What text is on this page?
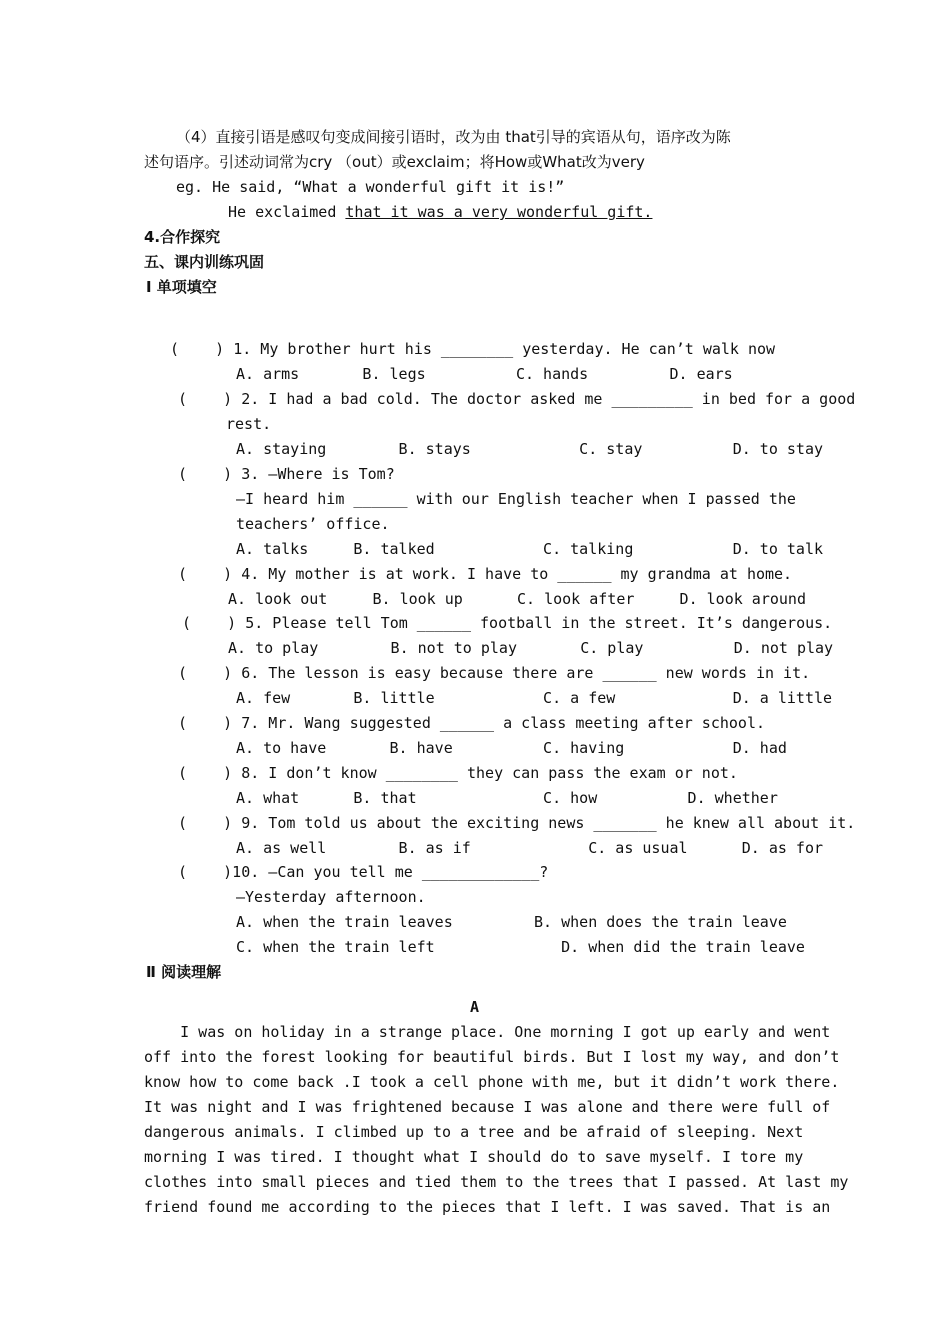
（4）直接引语是感叹句变成间接引语时，改为由 that引导的宾语从句，语序改为陈
述句语序。引述动词常为cry （out）或exclaim；将How或What改为very
eg. He said, “What a wonderful gift it is!”
He exclaimed that it was a very wonderful gift.
4.合作探究
五、课内训练巩固
Ⅰ 单项填空
(    ) 1. My brother hurt his ________ yesterday. He can’t walk now
A. arms       B. legs          C. hands         D. ears
(    ) 2. I had a bad cold. The doctor asked me _________ in bed for a good
rest.
A. staying        B. stays            C. stay          D. to stay
(    ) 3. —Where is Tom?
—I heard him ______ with our English teacher when I passed the
teachers’ office.
A. talks     B. talked            C. talking           D. to talk
(    ) 4. My mother is at work. I have to ______ my grandma at home.
A. look out     B. look up      C. look after     D. look around
(    ) 5. Please tell Tom ______ football in the street. It’s dangerous.
A. to play        B. not to play       C. play          D. not play
(    ) 6. The lesson is easy because there are ______ new words in it.
A. few       B. little            C. a few             D. a little
(    ) 7. Mr. Wang suggested ______ a class meeting after school.
A. to have       B. have          C. having            D. had
(    ) 8. I don’t know ________ they can pass the exam or not.
A. what      B. that              C. how          D. whether
(    ) 9. Tom told us about the exciting news _______ he knew all about it.
A. as well        B. as if             C. as usual      D. as for
(    )10. —Can you tell me _____________?
—Yesterday afternoon.
A. when the train leaves         B. when does the train leave
C. when the train left              D. when did the train leave
Ⅱ 阅读理解
A
I was on holiday in a strange place. One morning I got up early and went
off into the forest looking for beautiful birds. But I lost my way, and don’t
know how to come back .I took a cell phone with me, but it didn’t work there.
It was night and I was frightened because I was alone and there were full of
dangerous animals. I climbed up to a tree and be afraid of sleeping. Next
morning I was tired. I thought what I should do to save myself. I tore my
clothes into small pieces and tied them to the trees that I passed. At last my
friend found me according to the pieces that I left. I was saved. That is an
